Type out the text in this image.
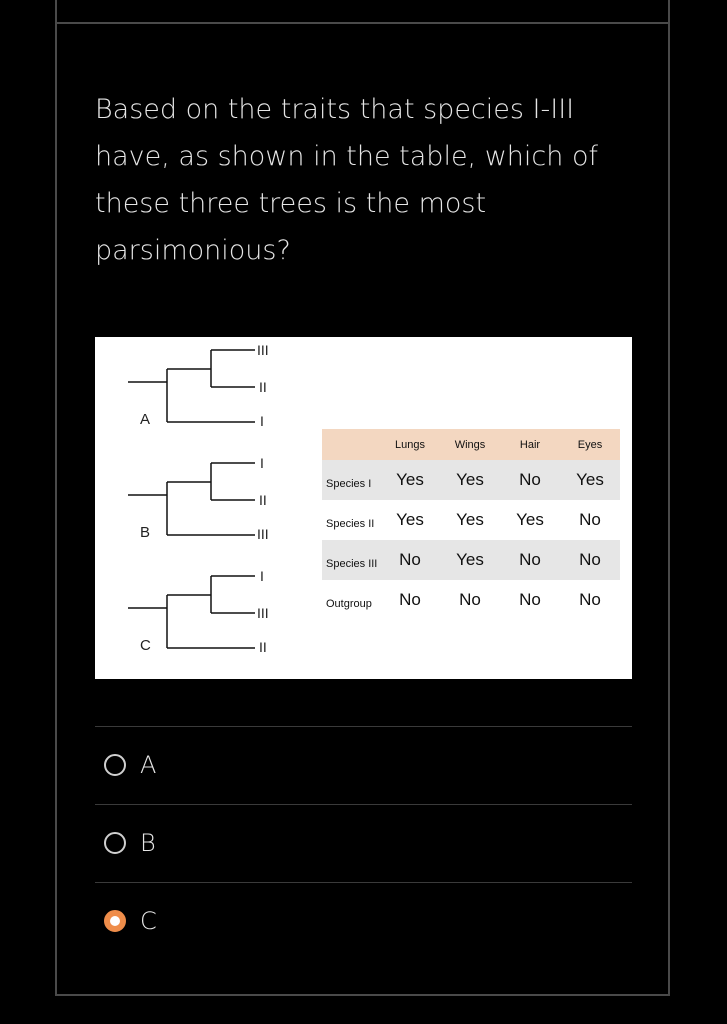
Based on the traits that species I-III
have, as shown in the table, which of
these three trees is the most
parsimonious?
A
III
II
I
B
I
II
III
C
I
III
II
	Lungs	Wings	Hair	Eyes
Species I	Yes	Yes	No	Yes
Species II	Yes	Yes	Yes	No
Species III	No	Yes	No	No
Outgroup	No	No	No	No
A
B
C
